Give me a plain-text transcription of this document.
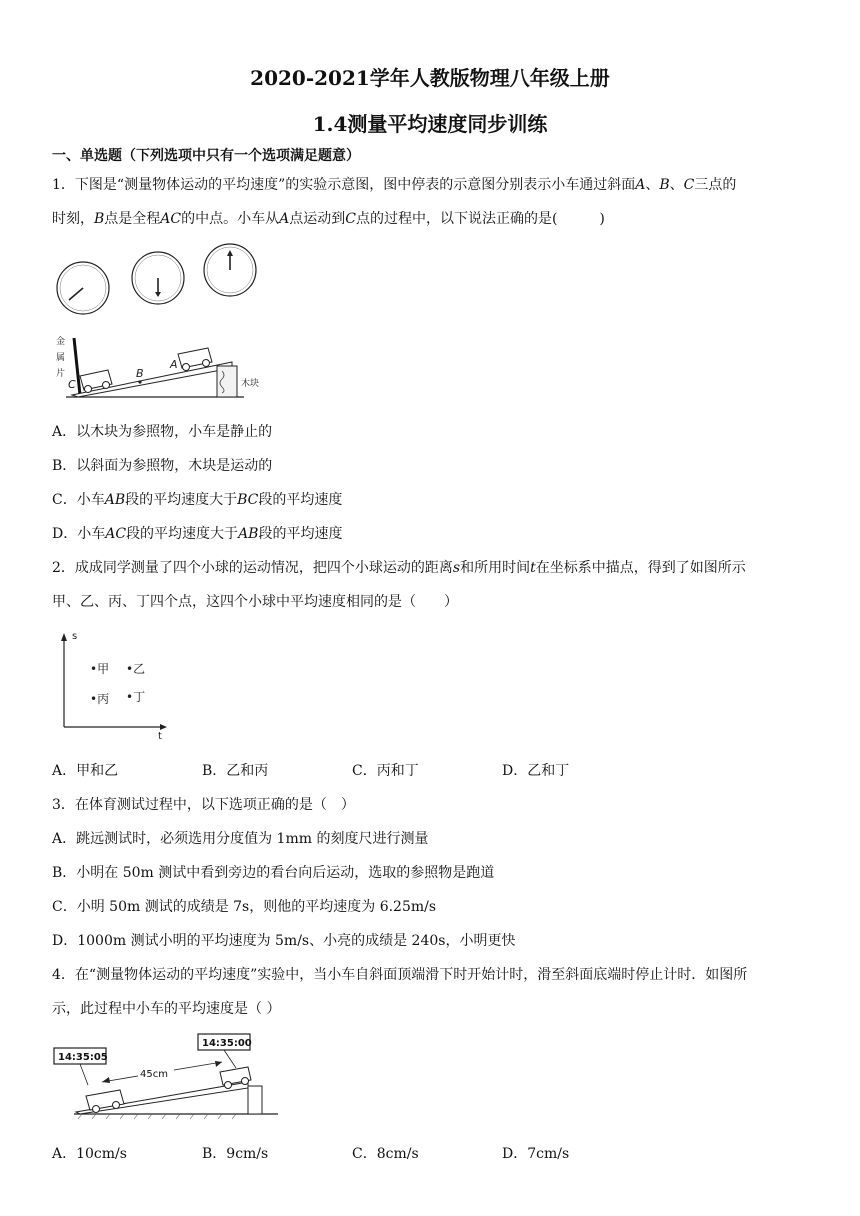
2020-2021学年人教版物理八年级上册
1.4测量平均速度同步训练
一、单选题（下列选项中只有一个选项满足题意）
1．下图是“测量物体运动的平均速度”的实验示意图，图中停表的示意图分别表示小车通过斜面A、B、C三点的
时刻，B点是全程AC的中点。小车从A点运动到C点的过程中，以下说法正确的是(　　　)
金
属
片
木块
C
B
A
A．以木块为参照物，小车是静止的
B．以斜面为参照物，木块是运动的
C．小车AB段的平均速度大于BC段的平均速度
D．小车AC段的平均速度大于AB段的平均速度
2．成成同学测量了四个小球的运动情况，把四个小球运动的距离s和所用时间t在坐标系中描点，得到了如图所示
甲、乙、丙、丁四个点，这四个小球中平均速度相同的是（　　）
s
t
•甲 •乙
•丙 •丁
A．甲和乙	B．乙和丙	C．丙和丁	D．乙和丁
3．在体育测试过程中，以下选项正确的是（　）
A．跳远测试时，必须选用分度值为 1mm 的刻度尺进行测量
B．小明在 50m 测试中看到旁边的看台向后运动，选取的参照物是跑道
C．小明 50m 测试的成绩是 7s，则他的平均速度为 6.25m/s
D．1000m 测试小明的平均速度为 5m/s、小亮的成绩是 240s，小明更快
4．在“测量物体运动的平均速度”实验中，当小车自斜面顶端滑下时开始计时，滑至斜面底端时停止计时．如图所
示，此过程中小车的平均速度是（ ）
14:35:05
14:35:00
45cm
A．10cm/s	B．9cm/s	C．8cm/s	D．7cm/s
